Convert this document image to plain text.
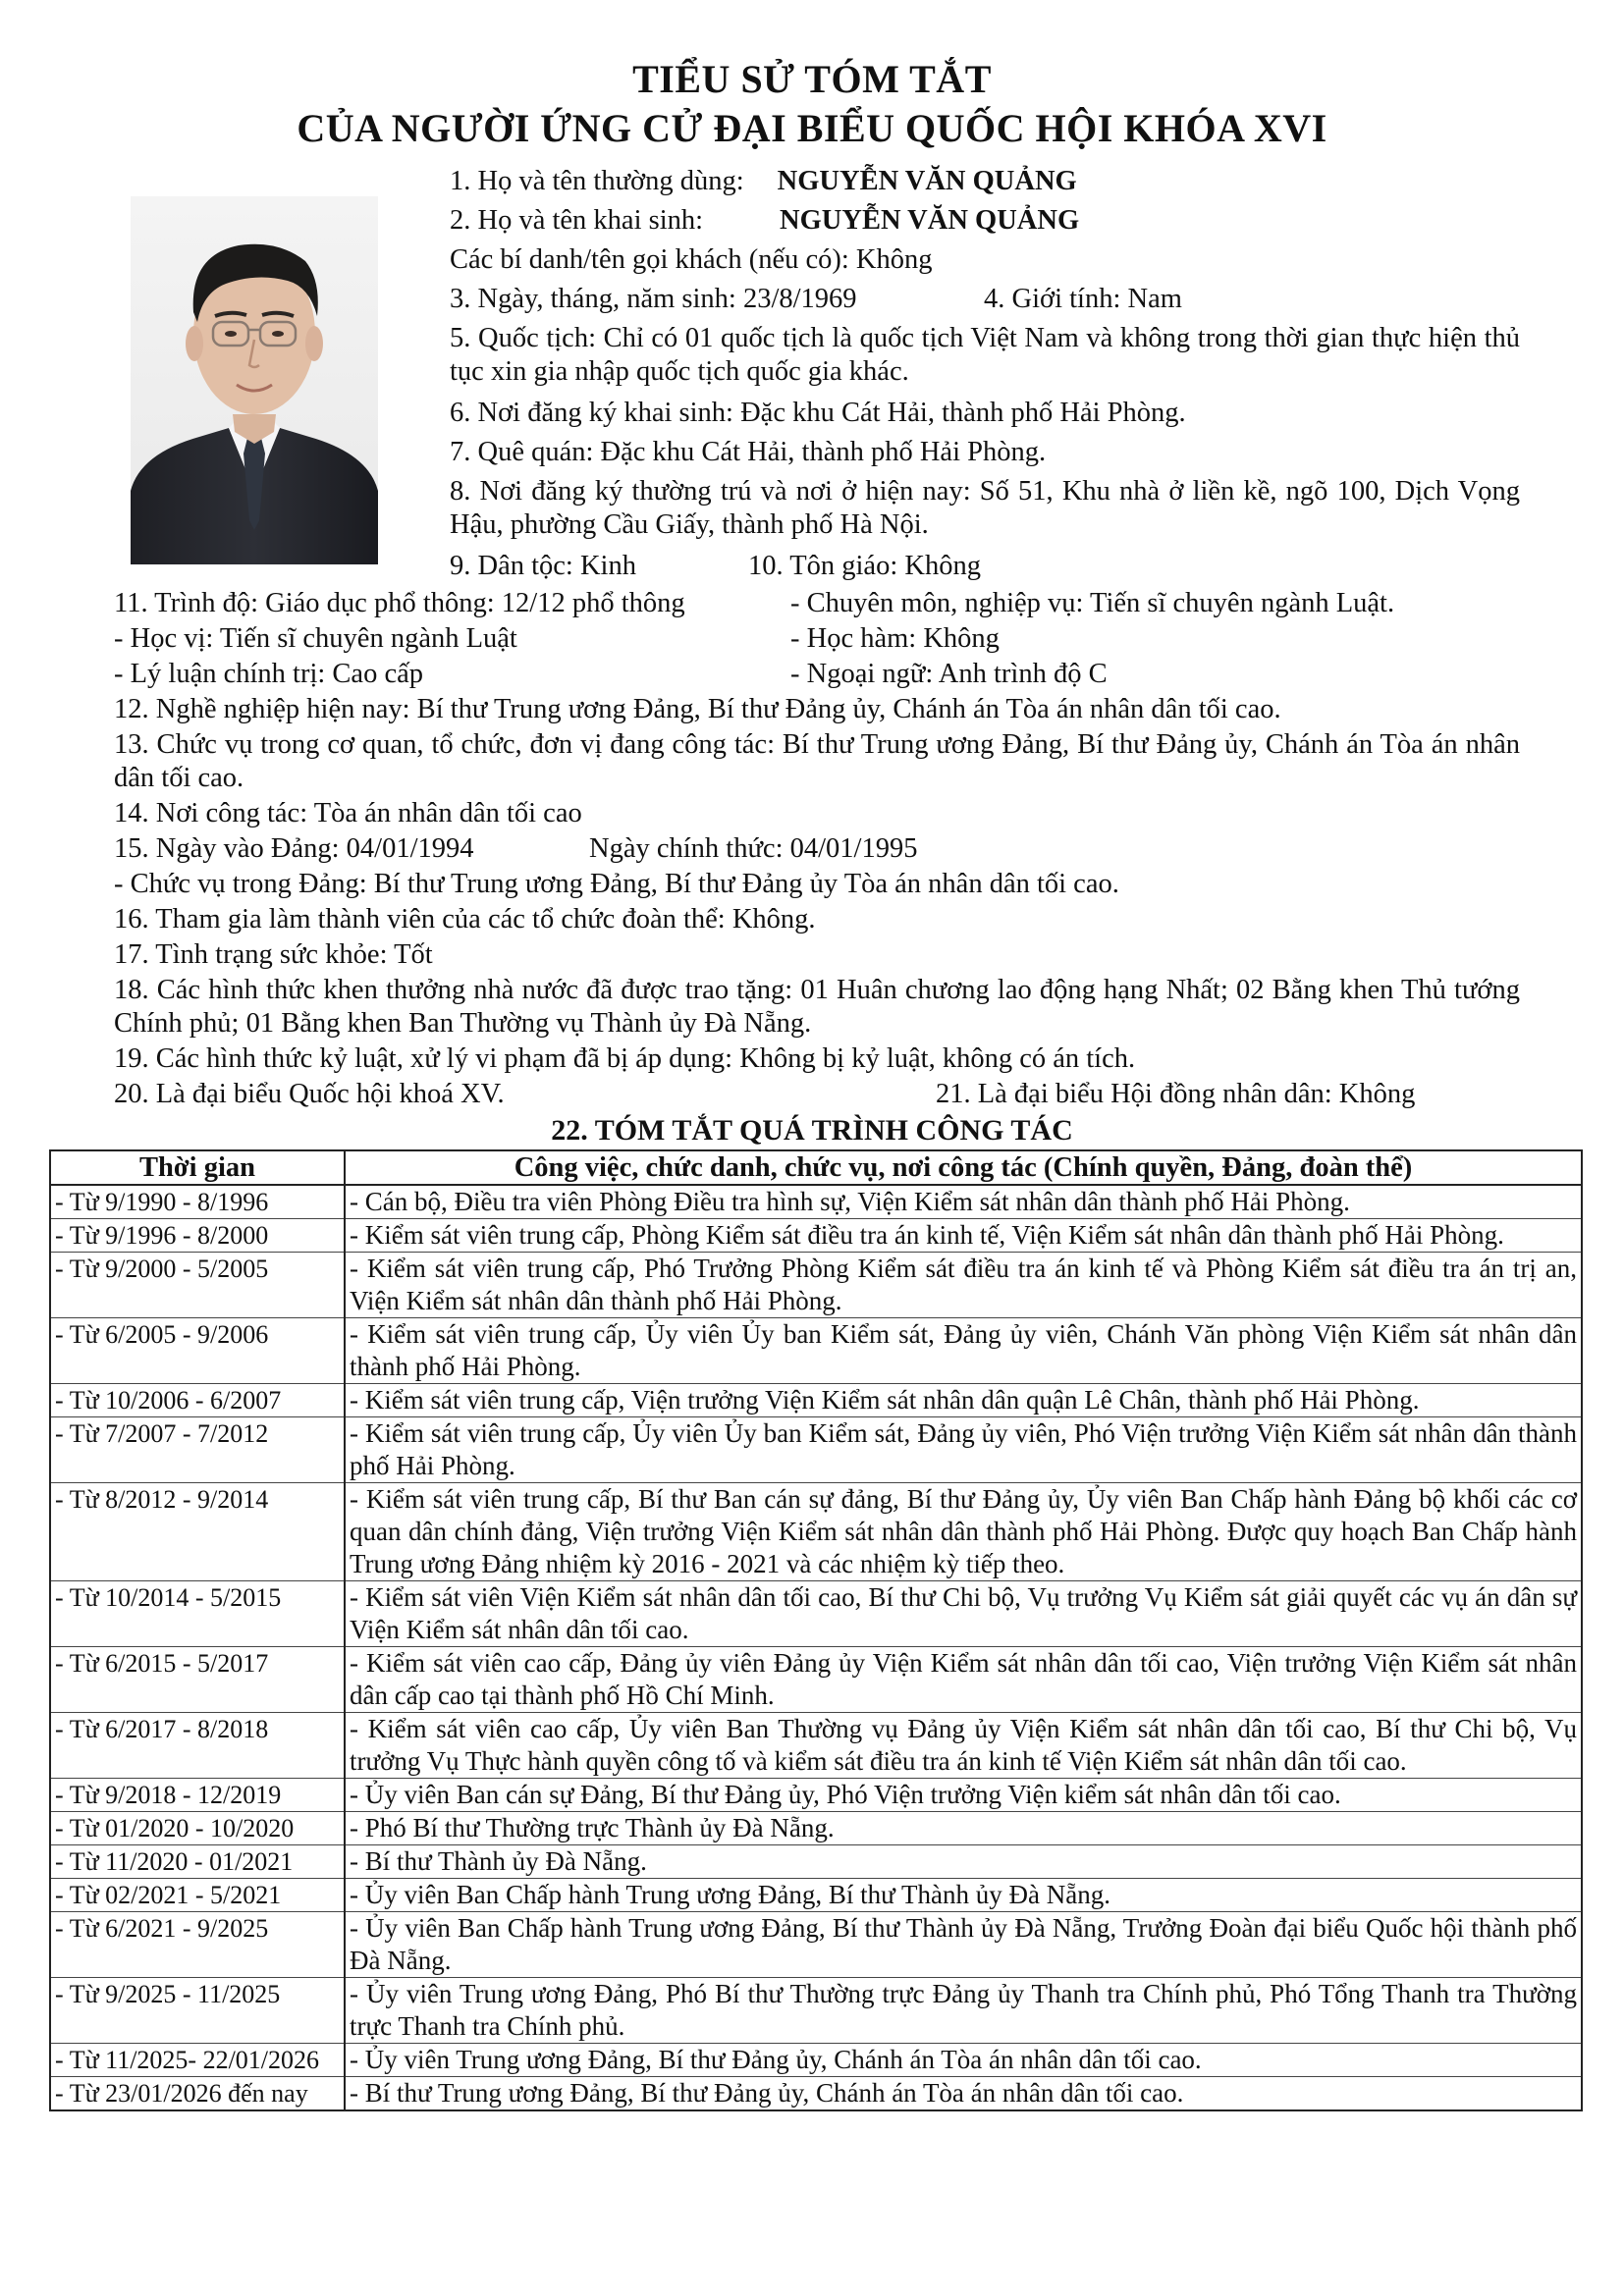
TIỂU SỬ TÓM TẮT
CỦA NGƯỜI ỨNG CỬ ĐẠI BIỂU QUỐC HỘI KHÓA XVI
1. Họ và tên thường dùng: NGUYỄN VĂN QUẢNG
2. Họ và tên khai sinh:	NGUYỄN VĂN QUẢNG
Các bí danh/tên gọi khách (nếu có): Không
3. Ngày, tháng, năm sinh: 23/8/1969	4. Giới tính: Nam
5. Quốc tịch: Chỉ có 01 quốc tịch là quốc tịch Việt Nam và không trong thời gian thực hiện thủ tục xin gia nhập quốc tịch quốc gia khác.
6. Nơi đăng ký khai sinh: Đặc khu Cát Hải, thành phố Hải Phòng.
7. Quê quán: Đặc khu Cát Hải, thành phố Hải Phòng.
8. Nơi đăng ký thường trú và nơi ở hiện nay: Số 51, Khu nhà ở liền kề, ngõ 100, Dịch Vọng Hậu, phường Cầu Giấy, thành phố Hà Nội.
9. Dân tộc: Kinh	10. Tôn giáo: Không
11. Trình độ: Giáo dục phổ thông: 12/12 phổ thông	- Chuyên môn, nghiệp vụ: Tiến sĩ chuyên ngành Luật.
- Học vị: Tiến sĩ chuyên ngành Luật	- Học hàm: Không
- Lý luận chính trị: Cao cấp	- Ngoại ngữ: Anh trình độ C
12. Nghề nghiệp hiện nay: Bí thư Trung ương Đảng, Bí thư Đảng ủy, Chánh án Tòa án nhân dân tối cao.
13. Chức vụ trong cơ quan, tổ chức, đơn vị đang công tác: Bí thư Trung ương Đảng, Bí thư Đảng ủy, Chánh án Tòa án nhân dân tối cao.
14. Nơi công tác: Tòa án nhân dân tối cao
15. Ngày vào Đảng: 04/01/1994	Ngày chính thức: 04/01/1995
- Chức vụ trong Đảng: Bí thư Trung ương Đảng, Bí thư Đảng ủy Tòa án nhân dân tối cao.
16. Tham gia làm thành viên của các tổ chức đoàn thể: Không.
17. Tình trạng sức khỏe: Tốt
18. Các hình thức khen thưởng nhà nước đã được trao tặng: 01 Huân chương lao động hạng Nhất; 02 Bằng khen Thủ tướng Chính phủ; 01 Bằng khen Ban Thường vụ Thành ủy Đà Nẵng.
19. Các hình thức kỷ luật, xử lý vi phạm đã bị áp dụng: Không bị kỷ luật, không có án tích.
20. Là đại biểu Quốc hội khoá XV.	21. Là đại biểu Hội đồng nhân dân: Không
22. TÓM TẮT QUÁ TRÌNH CÔNG TÁC
Thời gian	Công việc, chức danh, chức vụ, nơi công tác (Chính quyền, Đảng, đoàn thể)
- Từ 9/1990 - 8/1996	- Cán bộ, Điều tra viên Phòng Điều tra hình sự, Viện Kiểm sát nhân dân thành phố Hải Phòng.
- Từ 9/1996 - 8/2000	- Kiểm sát viên trung cấp, Phòng Kiểm sát điều tra án kinh tế, Viện Kiểm sát nhân dân thành phố Hải Phòng.
- Từ 9/2000 - 5/2005	- Kiểm sát viên trung cấp, Phó Trưởng Phòng Kiểm sát điều tra án kinh tế và Phòng Kiểm sát điều tra án trị an, Viện Kiểm sát nhân dân thành phố Hải Phòng.
- Từ 6/2005 - 9/2006	- Kiểm sát viên trung cấp, Ủy viên Ủy ban Kiểm sát, Đảng ủy viên, Chánh Văn phòng Viện Kiểm sát nhân dân thành phố Hải Phòng.
- Từ 10/2006 - 6/2007	- Kiểm sát viên trung cấp, Viện trưởng Viện Kiểm sát nhân dân quận Lê Chân, thành phố Hải Phòng.
- Từ 7/2007 - 7/2012	- Kiểm sát viên trung cấp, Ủy viên Ủy ban Kiểm sát, Đảng ủy viên, Phó Viện trưởng Viện Kiểm sát nhân dân thành phố Hải Phòng.
- Từ 8/2012 - 9/2014	- Kiểm sát viên trung cấp, Bí thư Ban cán sự đảng, Bí thư Đảng ủy, Ủy viên Ban Chấp hành Đảng bộ khối các cơ quan dân chính đảng, Viện trưởng Viện Kiểm sát nhân dân thành phố Hải Phòng. Được quy hoạch Ban Chấp hành Trung ương Đảng nhiệm kỳ 2016 - 2021 và các nhiệm kỳ tiếp theo.
- Từ 10/2014 - 5/2015	- Kiểm sát viên Viện Kiểm sát nhân dân tối cao, Bí thư Chi bộ, Vụ trưởng Vụ Kiểm sát giải quyết các vụ án dân sự Viện Kiểm sát nhân dân tối cao.
- Từ 6/2015 - 5/2017	- Kiểm sát viên cao cấp, Đảng ủy viên Đảng ủy Viện Kiểm sát nhân dân tối cao, Viện trưởng Viện Kiểm sát nhân dân cấp cao tại thành phố Hồ Chí Minh.
- Từ 6/2017 - 8/2018	- Kiểm sát viên cao cấp, Ủy viên Ban Thường vụ Đảng ủy Viện Kiểm sát nhân dân tối cao, Bí thư Chi bộ, Vụ trưởng Vụ Thực hành quyền công tố và kiểm sát điều tra án kinh tế Viện Kiểm sát nhân dân tối cao.
- Từ 9/2018 - 12/2019	- Ủy viên Ban cán sự Đảng, Bí thư Đảng ủy, Phó Viện trưởng Viện kiểm sát nhân dân tối cao.
- Từ 01/2020 - 10/2020	- Phó Bí thư Thường trực Thành ủy Đà Nẵng.
- Từ 11/2020 - 01/2021	- Bí thư Thành ủy Đà Nẵng.
- Từ 02/2021 - 5/2021	- Ủy viên Ban Chấp hành Trung ương Đảng, Bí thư Thành ủy Đà Nẵng.
- Từ 6/2021 - 9/2025	- Ủy viên Ban Chấp hành Trung ương Đảng, Bí thư Thành ủy Đà Nẵng, Trưởng Đoàn đại biểu Quốc hội thành phố Đà Nẵng.
- Từ 9/2025 - 11/2025	- Ủy viên Trung ương Đảng, Phó Bí thư Thường trực Đảng ủy Thanh tra Chính phủ, Phó Tổng Thanh tra Thường trực Thanh tra Chính phủ.
- Từ 11/2025- 22/01/2026	- Ủy viên Trung ương Đảng, Bí thư Đảng ủy, Chánh án Tòa án nhân dân tối cao.
- Từ 23/01/2026 đến nay	- Bí thư Trung ương Đảng, Bí thư Đảng ủy, Chánh án Tòa án nhân dân tối cao.
